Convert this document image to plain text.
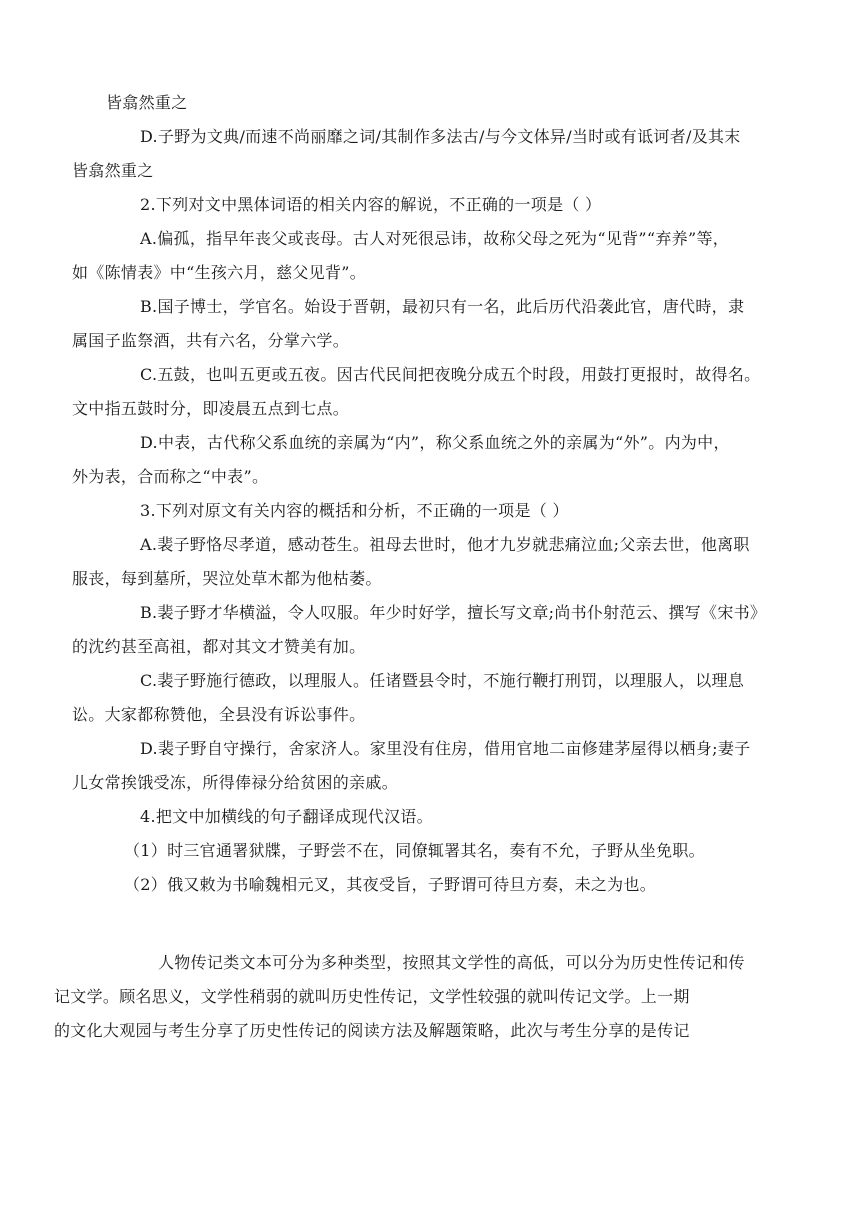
皆翕然重之

D.子野为文典/而速不尚丽靡之词/其制作多法古/与今文体异/当时或有诋诃者/及其末
皆翕然重之

2.下列对文中黑体词语的相关内容的解说，不正确的一项是（ ）

A.偏孤，指早年丧父或丧母。古人对死很忌讳，故称父母之死为“见背”“弃养”等，
如《陈情表》中“生孩六月，慈父见背”。

B.国子博士，学官名。始设于晋朝，最初只有一名，此后历代沿袭此官，唐代時，隶
属国子监祭酒，共有六名，分掌六学。

C.五鼓，也叫五更或五夜。因古代民间把夜晚分成五个时段，用鼓打更报时，故得名。
文中指五鼓时分，即凌晨五点到七点。

D.中表，古代称父系血统的亲属为“内”，称父系血统之外的亲属为“外”。内为中，
外为表，合而称之“中表”。

3.下列对原文有关内容的概括和分析，不正确的一项是（ ）

A.裴子野恪尽孝道，感动苍生。祖母去世时，他才九岁就悲痛泣血;父亲去世，他离职
服丧，每到墓所，哭泣处草木都为他枯萎。

B.裴子野才华横溢，令人叹服。年少时好学，擅长写文章;尚书仆射范云、撰写《宋书》
的沈约甚至高祖，都对其文才赞美有加。

C.裴子野施行德政，以理服人。任诸暨县令时，不施行鞭打刑罚，以理服人，以理息
讼。大家都称赞他，全县没有诉讼事件。

D.裴子野自守操行，舍家济人。家里没有住房，借用官地二亩修建茅屋得以栖身;妻子
儿女常挨饿受冻，所得俸禄分给贫困的亲戚。

4.把文中加横线的句子翻译成现代汉语。

（1）时三官通署狱牒，子野尝不在，同僚辄署其名，奏有不允，子野从坐免职。

（2）俄又敕为书喻魏相元叉，其夜受旨，子野谓可待旦方奏，未之为也。

人物传记类文本可分为多种类型，按照其文学性的高低，可以分为历史性传记和传
记文学。顾名思义，文学性稍弱的就叫历史性传记，文学性较强的就叫传记文学。上一期
的文化大观园与考生分享了历史性传记的阅读方法及解题策略，此次与考生分享的是传记
